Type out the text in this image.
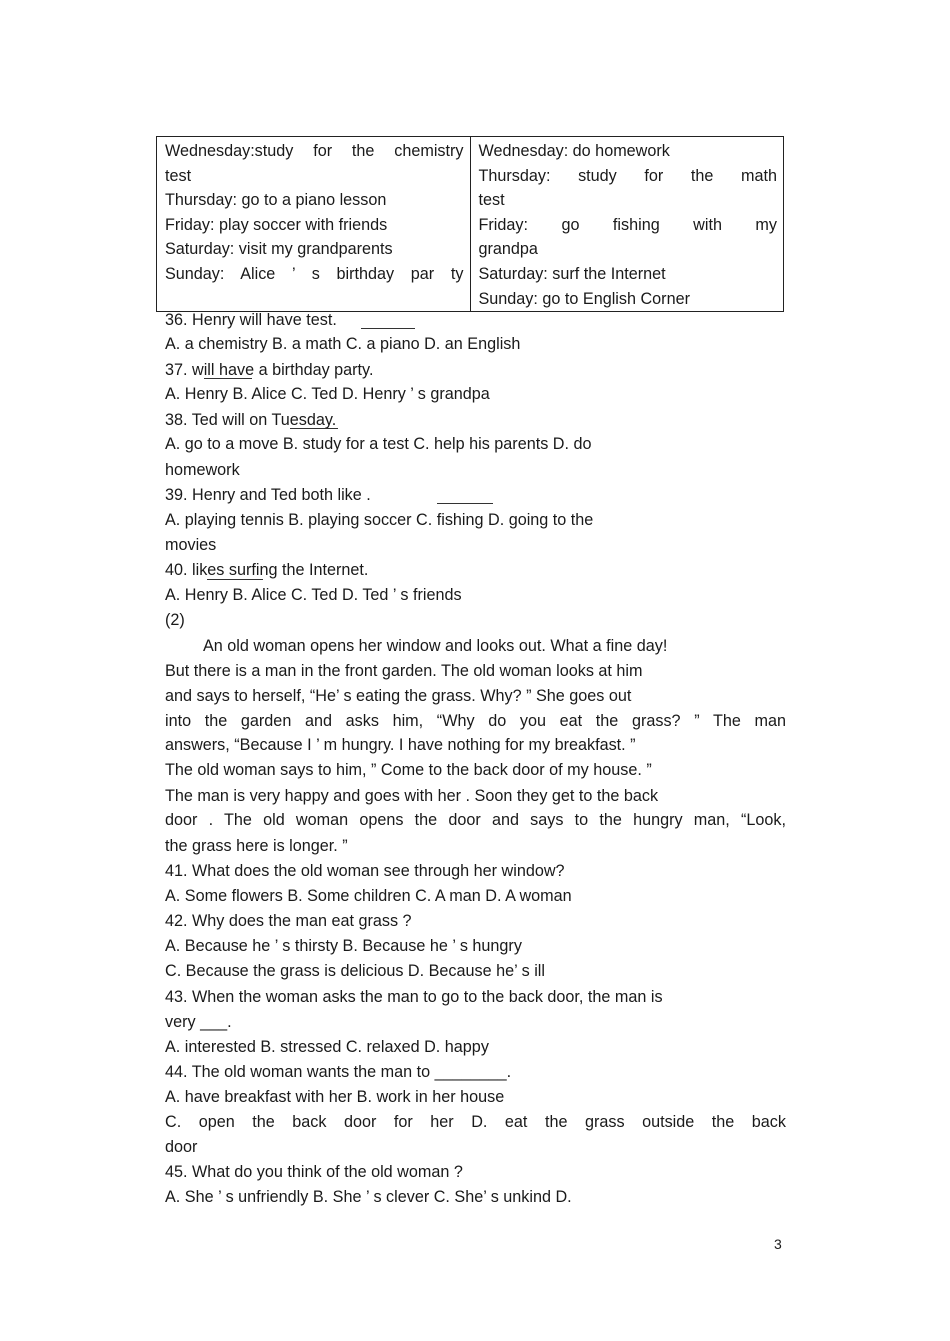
Wednesday:study for the chemistry
test
Thursday: go to a piano lesson
Friday: play soccer with friends
Saturday: visit my grandparents
Sunday: Alice ’ s birthday par ty

Wednesday: do homework
Thursday: study for the math
test
Friday: go fishing with my
grandpa
Saturday: surf the Internet
Sunday: go to English Corner
36. Henry will have test.
A. a chemistry B. a math C. a piano D. an English
37. will have a birthday party.
A. Henry B. Alice C. Ted D. Henry ’ s grandpa
38. Ted will on Tuesday.
A. go to a move B. study for a test C. help his parents D. do
homework
39. Henry and Ted both like .
A. playing tennis B. playing soccer C. fishing D. going to the
movies
40. likes surfing the Internet.
A. Henry B. Alice C. Ted D. Ted ’ s friends
(2)
An old woman opens her window and looks out. What a fine day!
But there is a man in the front garden. The old woman looks at him
and says to herself, “He’ s eating the grass. Why? ” She goes out
into the garden and asks him, “Why do you eat the grass? ” The man
answers, “Because I ’ m hungry. I have nothing for my breakfast. ”
The old woman says to him, ” Come to the back door of my house. ”
The man is very happy and goes with her . Soon they get to the back
door . The old woman opens the door and says to the hungry man, “Look,
the grass here is longer. ”
41. What does the old woman see through her window?
A. Some flowers B. Some children C. A man D. A woman
42. Why does the man eat grass ?
A. Because he ’ s thirsty B. Because he ’ s hungry
C. Because the grass is delicious D. Because he’ s ill
43. When the woman asks the man to go to the back door, the man is
very ___.
A. interested B. stressed C. relaxed D. happy
44. The old woman wants the man to ________.
A. have breakfast with her B. work in her house
C. open the back door for her D. eat the grass outside the back
door
45. What do you think of the old woman ?
A. She ’ s unfriendly B. She ’ s clever C. She’ s unkind D.
3
